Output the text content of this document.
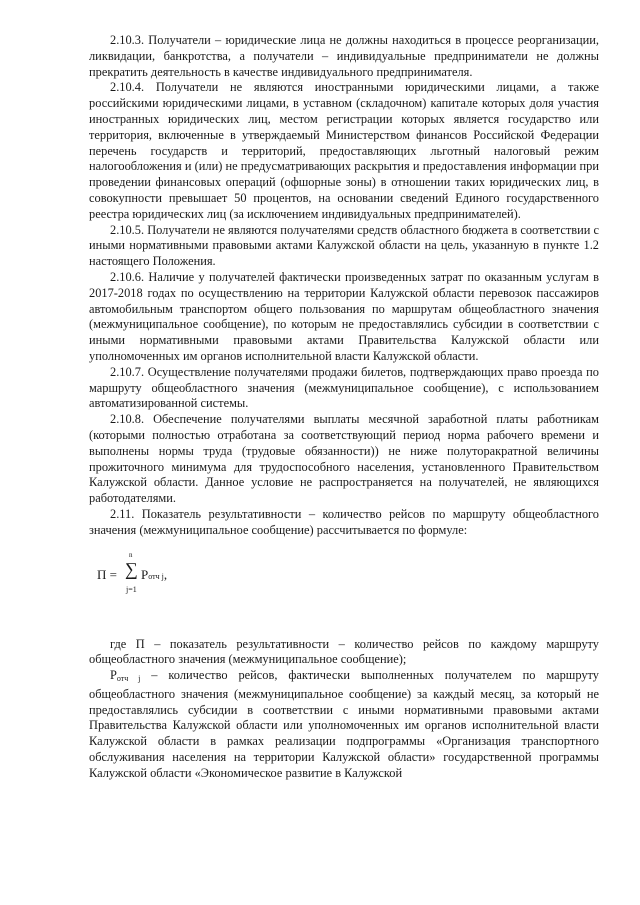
2.10.3. Получатели – юридические лица не должны находиться в процессе реорганизации, ликвидации, банкротства, а получатели – индивидуальные предприниматели не должны прекратить деятельность в качестве индивидуального предпринимателя.

2.10.4. Получатели не являются иностранными юридическими лицами, а также российскими юридическими лицами, в уставном (складочном) капитале которых доля участия иностранных юридических лиц, местом регистрации которых является государство или территория, включенные в утверждаемый Министерством финансов Российской Федерации перечень государств и территорий, предоставляющих льготный налоговый режим налогообложения и (или) не предусматривающих раскрытия и предоставления информации при проведении финансовых операций (офшорные зоны) в отношении таких юридических лиц, в совокупности превышает 50 процентов, на основании сведений Единого государственного реестра юридических лиц (за исключением индивидуальных предпринимателей).

2.10.5. Получатели не являются получателями средств областного бюджета в соответствии с иными нормативными правовыми актами Калужской области на цель, указанную в пункте 1.2 настоящего Положения.

2.10.6. Наличие у получателей фактически произведенных затрат по оказанным услугам в 2017-2018 годах по осуществлению на территории Калужской области перевозок пассажиров автомобильным транспортом общего пользования по маршрутам общеобластного значения (межмуниципальное сообщение), по которым не предоставлялись субсидии в соответствии с иными нормативными правовыми актами Правительства Калужской области или уполномоченных им органов исполнительной власти Калужской области.

2.10.7. Осуществление получателями продажи билетов, подтверждающих право проезда по маршруту общеобластного значения (межмуниципальное сообщение), с использованием автоматизированной системы.

2.10.8. Обеспечение получателями выплаты месячной заработной платы работникам (которыми полностью отработана за соответствующий период норма рабочего времени и выполнены нормы труда (трудовые обязанности)) не ниже полуторакратной величины прожиточного минимума для трудоспособного населения, установленного Правительством Калужской области. Данное условие не распространяется на получателей, не являющихся работодателями.

2.11. Показатель результативности – количество рейсов по маршруту общеобластного значения (межмуниципальное сообщение) рассчитывается по формуле:

П =
n
∑
j=1
Pотч j,

где П – показатель результативности – количество рейсов по каждому маршруту общеобластного значения (межмуниципальное сообщение);

$P_{отч j}$ – количество рейсов, фактически выполненных получателем по маршруту общеобластного значения (межмуниципальное сообщение) за каждый месяц, за который не предоставлялись субсидии в соответствии с иными нормативными правовыми актами Правительства Калужской области или уполномоченных им органов исполнительной власти Калужской области в рамках реализации подпрограммы «Организация транспортного обслуживания населения на территории Калужской области» государственной программы Калужской области «Экономическое развитие в Калужской
